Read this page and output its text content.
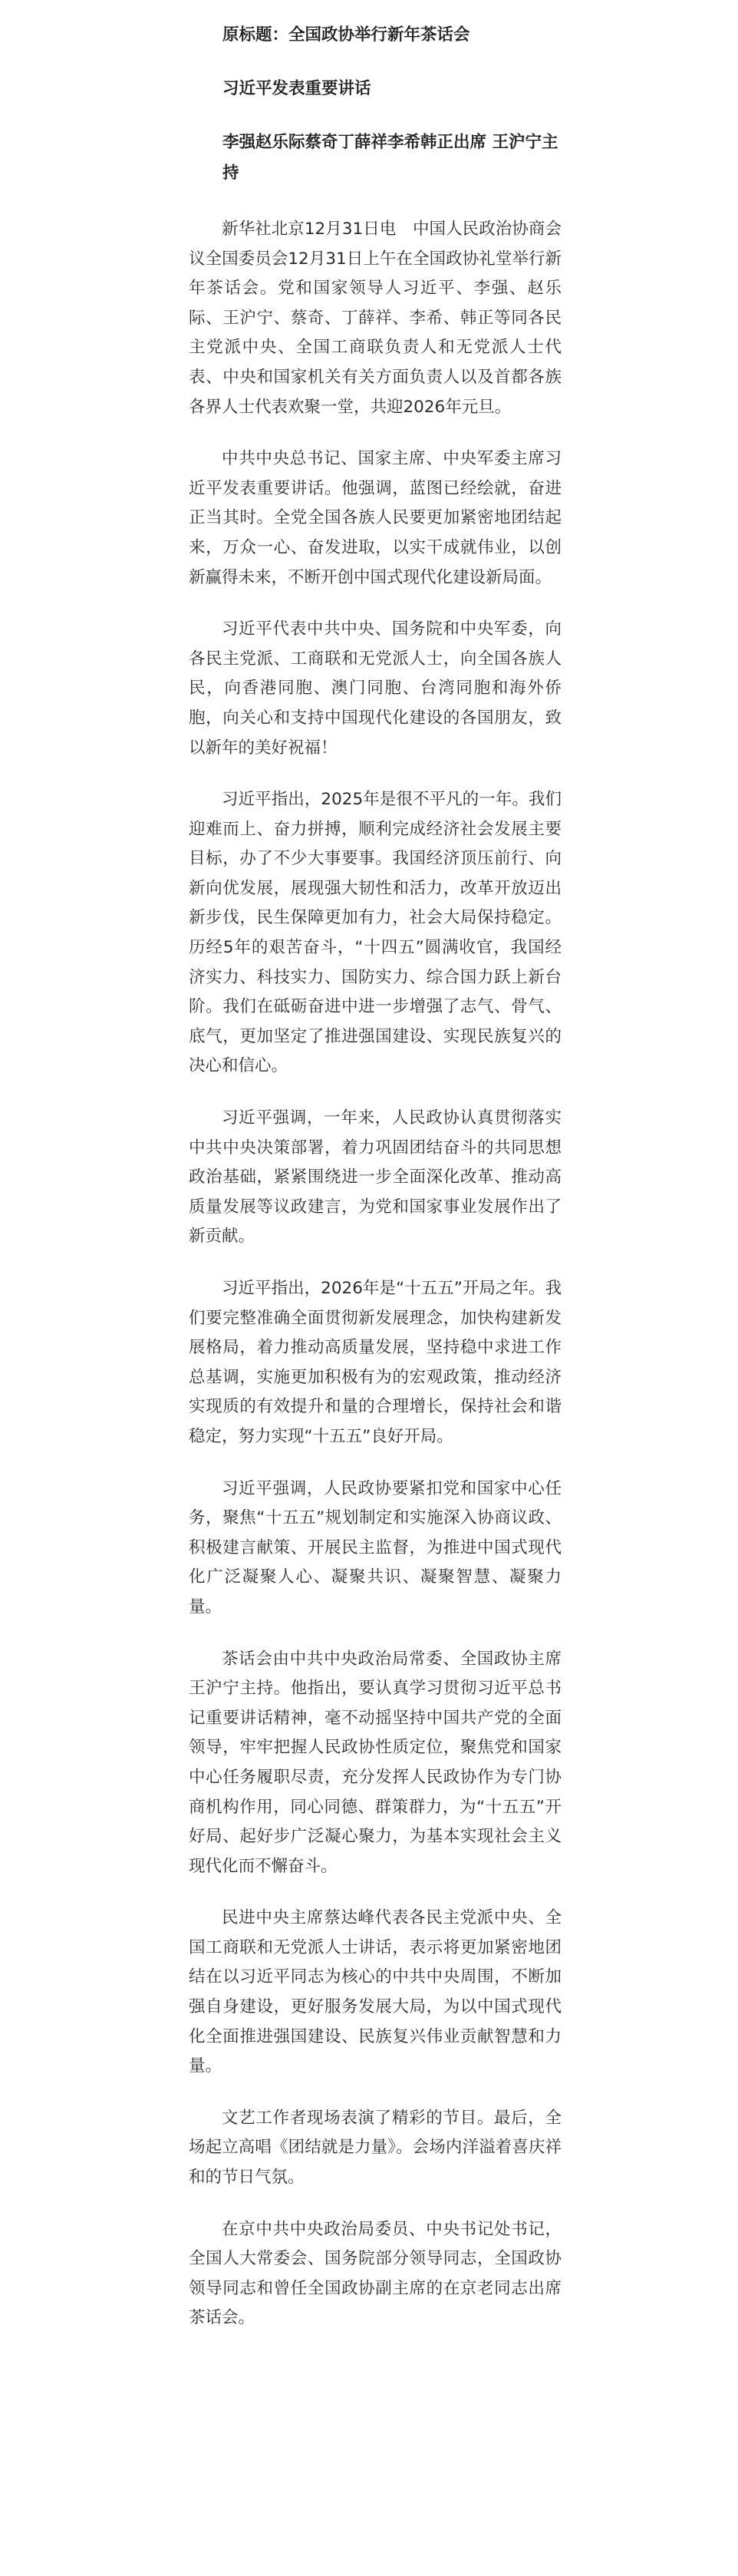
原标题：全国政协举行新年茶话会
习近平发表重要讲话
李强赵乐际蔡奇丁薛祥李希韩正出席 王沪宁主持

新华社北京12月31日电　中国人民政治协商会议全国委员会12月31日上午在全国政协礼堂举行新年茶话会。党和国家领导人习近平、李强、赵乐际、王沪宁、蔡奇、丁薛祥、李希、韩正等同各民主党派中央、全国工商联负责人和无党派人士代表、中央和国家机关有关方面负责人以及首都各族各界人士代表欢聚一堂，共迎2026年元旦。

中共中央总书记、国家主席、中央军委主席习近平发表重要讲话。他强调，蓝图已经绘就，奋进正当其时。全党全国各族人民要更加紧密地团结起来，万众一心、奋发进取，以实干成就伟业，以创新赢得未来，不断开创中国式现代化建设新局面。

习近平代表中共中央、国务院和中央军委，向各民主党派、工商联和无党派人士，向全国各族人民，向香港同胞、澳门同胞、台湾同胞和海外侨胞，向关心和支持中国现代化建设的各国朋友，致以新年的美好祝福！

习近平指出，2025年是很不平凡的一年。我们迎难而上、奋力拼搏，顺利完成经济社会发展主要目标，办了不少大事要事。我国经济顶压前行、向新向优发展，展现强大韧性和活力，改革开放迈出新步伐，民生保障更加有力，社会大局保持稳定。历经5年的艰苦奋斗，“十四五”圆满收官，我国经济实力、科技实力、国防实力、综合国力跃上新台阶。我们在砥砺奋进中进一步增强了志气、骨气、底气，更加坚定了推进强国建设、实现民族复兴的决心和信心。

习近平强调，一年来，人民政协认真贯彻落实中共中央决策部署，着力巩固团结奋斗的共同思想政治基础，紧紧围绕进一步全面深化改革、推动高质量发展等议政建言，为党和国家事业发展作出了新贡献。

习近平指出，2026年是“十五五”开局之年。我们要完整准确全面贯彻新发展理念，加快构建新发展格局，着力推动高质量发展，坚持稳中求进工作总基调，实施更加积极有为的宏观政策，推动经济实现质的有效提升和量的合理增长，保持社会和谐稳定，努力实现“十五五”良好开局。

习近平强调，人民政协要紧扣党和国家中心任务，聚焦“十五五”规划制定和实施深入协商议政、积极建言献策、开展民主监督，为推进中国式现代化广泛凝聚人心、凝聚共识、凝聚智慧、凝聚力量。

茶话会由中共中央政治局常委、全国政协主席王沪宁主持。他指出，要认真学习贯彻习近平总书记重要讲话精神，毫不动摇坚持中国共产党的全面领导，牢牢把握人民政协性质定位，聚焦党和国家中心任务履职尽责，充分发挥人民政协作为专门协商机构作用，同心同德、群策群力，为“十五五”开好局、起好步广泛凝心聚力，为基本实现社会主义现代化而不懈奋斗。

民进中央主席蔡达峰代表各民主党派中央、全国工商联和无党派人士讲话，表示将更加紧密地团结在以习近平同志为核心的中共中央周围，不断加强自身建设，更好服务发展大局，为以中国式现代化全面推进强国建设、民族复兴伟业贡献智慧和力量。

文艺工作者现场表演了精彩的节目。最后，全场起立高唱《团结就是力量》。会场内洋溢着喜庆祥和的节日气氛。

在京中共中央政治局委员、中央书记处书记，全国人大常委会、国务院部分领导同志，全国政协领导同志和曾任全国政协副主席的在京老同志出席茶话会。
